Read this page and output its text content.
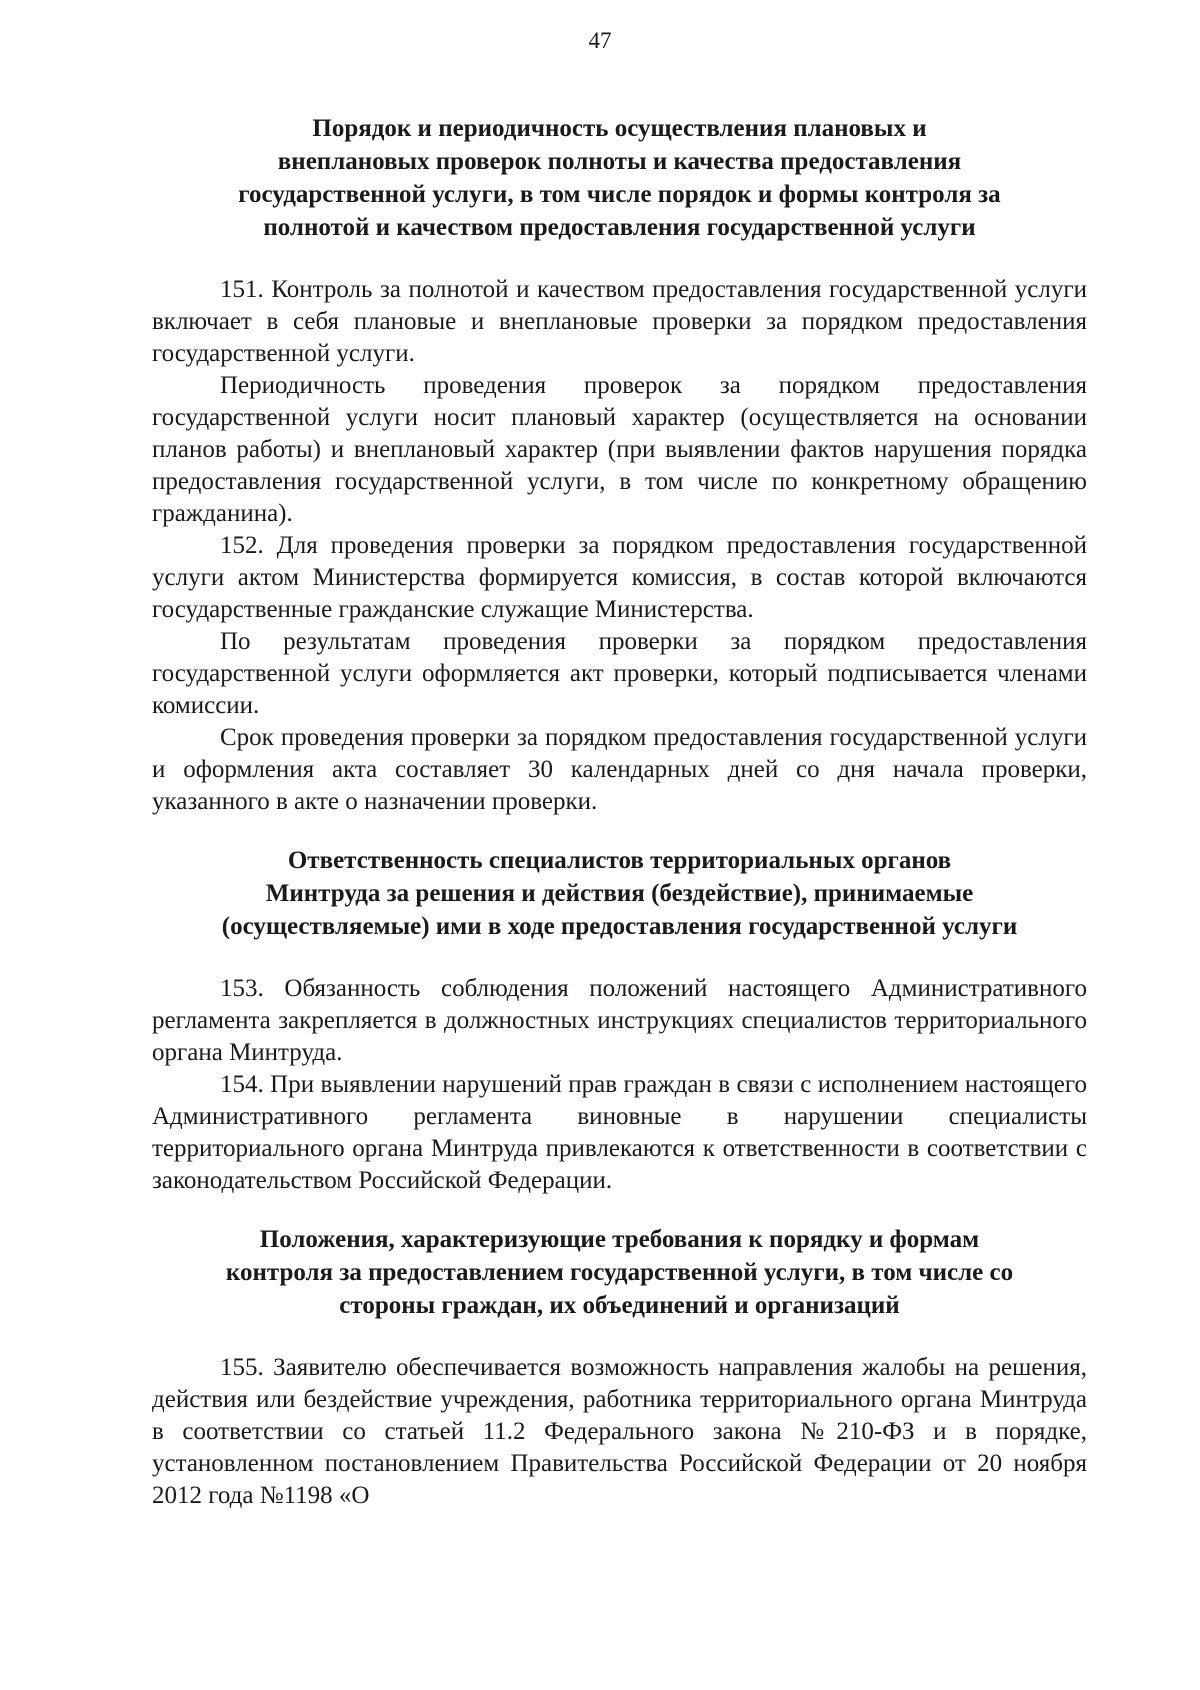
47
Порядок и периодичность осуществления плановых и
внеплановых проверок полноты и качества предоставления
государственной услуги, в том числе порядок и формы контроля за
полнотой и качеством предоставления государственной услуги

151. Контроль за полнотой и качеством предоставления государственной услуги включает в себя плановые и внеплановые проверки за порядком предоставления государственной услуги.

Периодичность проведения проверок за порядком предоставления государственной услуги носит плановый характер (осуществляется на основании планов работы) и внеплановый характер (при выявлении фактов нарушения порядка предоставления государственной услуги, в том числе по конкретному обращению гражданина).

152. Для проведения проверки за порядком предоставления государственной услуги актом Министерства формируется комиссия, в состав которой включаются государственные гражданские служащие Министерства.

По результатам проведения проверки за порядком предоставления государственной услуги оформляется акт проверки, который подписывается членами комиссии.

Срок проведения проверки за порядком предоставления государственной услуги и оформления акта составляет 30 календарных дней со дня начала проверки, указанного в акте о назначении проверки.

Ответственность специалистов территориальных органов
Минтруда за решения и действия (бездействие), принимаемые
(осуществляемые) ими в ходе предоставления государственной услуги

153. Обязанность соблюдения положений настоящего Административного регламента закрепляется в должностных инструкциях специалистов территориального органа Минтруда.

154. При выявлении нарушений прав граждан в связи с исполнением настоящего Административного регламента виновные в нарушении специалисты территориального органа Минтруда привлекаются к ответственности в соответствии с законодательством Российской Федерации.

Положения, характеризующие требования к порядку и формам
контроля за предоставлением государственной услуги, в том числе со
стороны граждан, их объединений и организаций

155. Заявителю обеспечивается возможность направления жалобы на решения, действия или бездействие учреждения, работника территориального органа Минтруда в соответствии со статьей 11.2 Федерального закона №210-ФЗ и в порядке, установленном постановлением Правительства Российской Федерации от 20 ноября 2012 года №1198 «О
